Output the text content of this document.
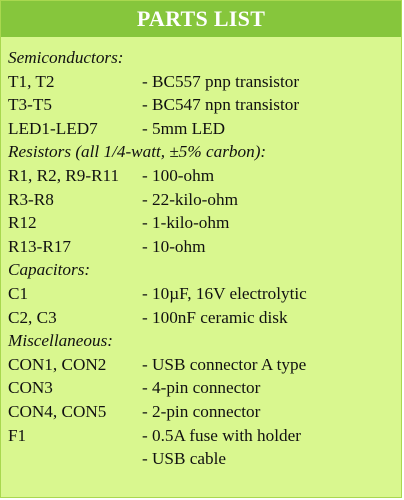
PARTS LIST
Semiconductors:
T1, T2	- BC557 pnp transistor
T3-T5	- BC547 npn transistor
LED1-LED7	- 5mm LED
Resistors (all 1/4-watt, ±5% carbon):
R1, R2, R9-R11 - 100-ohm
R3-R8	- 22-kilo-ohm
R12	- 1-kilo-ohm
R13-R17	- 10-ohm
Capacitors:
C1	- 10µF, 16V electrolytic
C2, C3	- 100nF ceramic disk
Miscellaneous:
CON1, CON2 - USB connector A type
CON3	- 4-pin connector
CON4, CON5 - 2-pin connector
F1	- 0.5A fuse with holder
- USB cable
